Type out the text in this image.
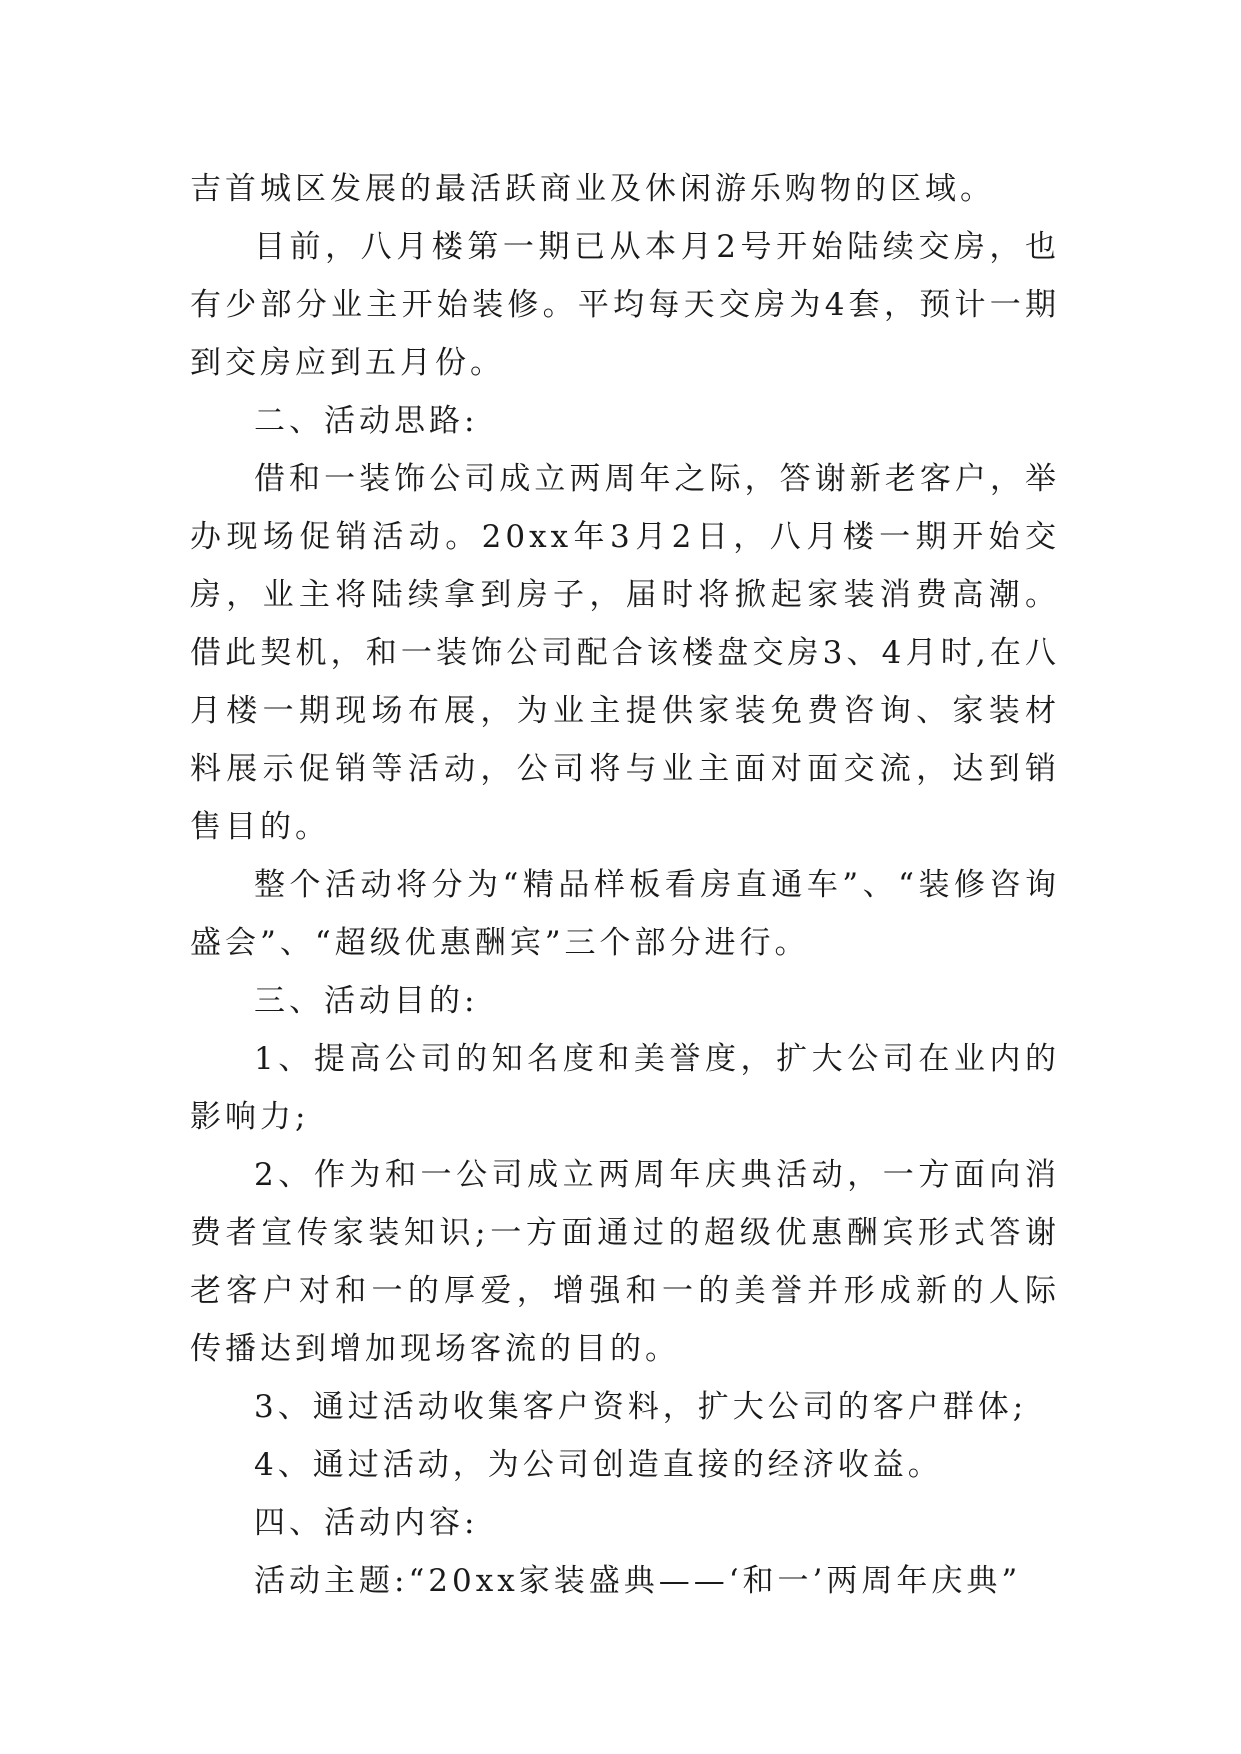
吉首城区发展的最活跃商业及休闲游乐购物的区域。

目前，八月楼第一期已从本月2号开始陆续交房，也有少部分业主开始装修。平均每天交房为4套，预计一期到交房应到五月份。

二、活动思路:

借和一装饰公司成立两周年之际，答谢新老客户，举办现场促销活动。20xx年3月2日，八月楼一期开始交房，业主将陆续拿到房子，届时将掀起家装消费高潮。借此契机，和一装饰公司配合该楼盘交房3、4月时,在八月楼一期现场布展，为业主提供家装免费咨询、家装材料展示促销等活动，公司将与业主面对面交流，达到销售目的。

整个活动将分为“精品样板看房直通车”、“装修咨询盛会”、“超级优惠酬宾”三个部分进行。

三、活动目的:

1、提高公司的知名度和美誉度，扩大公司在业内的影响力;

2、作为和一公司成立两周年庆典活动，一方面向消费者宣传家装知识;一方面通过的超级优惠酬宾形式答谢老客户对和一的厚爱，增强和一的美誉并形成新的人际传播达到增加现场客流的目的。

3、通过活动收集客户资料，扩大公司的客户群体;

4、通过活动，为公司创造直接的经济收益。

四、活动内容:

活动主题:“20xx家装盛典——‘和一’两周年庆典”
